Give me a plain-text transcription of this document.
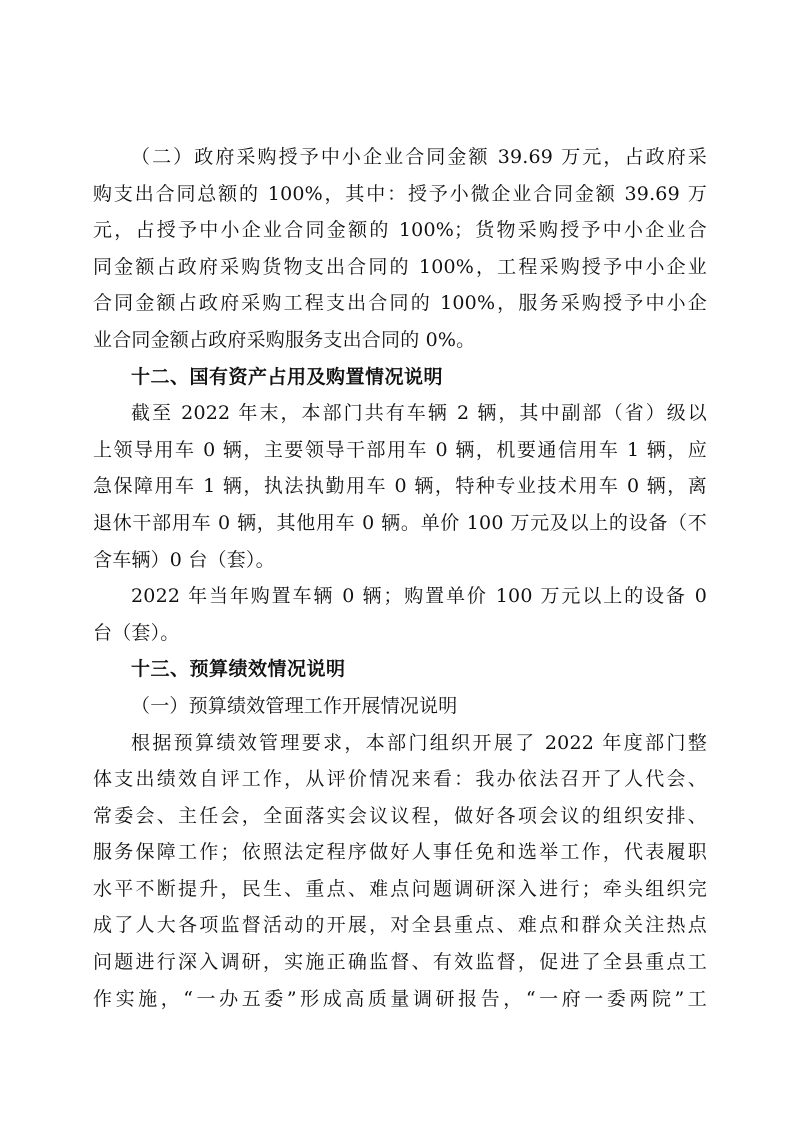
（二）政府采购授予中小企业合同金额 39.69 万元，占政府采
购支出合同总额的 100%，其中：授予小微企业合同金额 39.69 万
元，占授予中小企业合同金额的 100%；货物采购授予中小企业合
同金额占政府采购货物支出合同的 100%，工程采购授予中小企业
合同金额占政府采购工程支出合同的 100%，服务采购授予中小企
业合同金额占政府采购服务支出合同的 0%。
十二、国有资产占用及购置情况说明
截至 2022 年末，本部门共有车辆 2 辆，其中副部（省）级以
上领导用车 0 辆，主要领导干部用车 0 辆，机要通信用车 1 辆，应
急保障用车 1 辆，执法执勤用车 0 辆，特种专业技术用车 0 辆，离
退休干部用车 0 辆，其他用车 0 辆。单价 100 万元及以上的设备（不
含车辆）0 台（套）。
2022 年当年购置车辆 0 辆；购置单价 100 万元以上的设备 0
台（套）。
十三、预算绩效情况说明
（一）预算绩效管理工作开展情况说明
根据预算绩效管理要求，本部门组织开展了 2022 年度部门整
体支出绩效自评工作，从评价情况来看：我办依法召开了人代会、
常委会、主任会，全面落实会议议程，做好各项会议的组织安排、
服务保障工作；依照法定程序做好人事任免和选举工作，代表履职
水平不断提升，民生、重点、难点问题调研深入进行；牵头组织完
成了人大各项监督活动的开展，对全县重点、难点和群众关注热点
问题进行深入调研，实施正确监督、有效监督，促进了全县重点工
作实施，“一办五委”形成高质量调研报告，“一府一委两院”工
